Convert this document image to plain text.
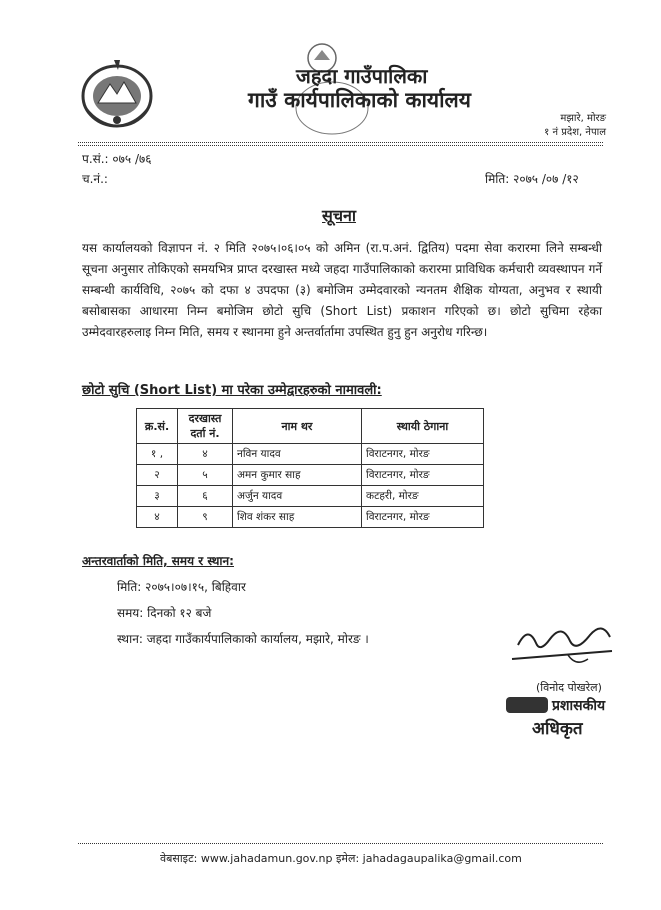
जहदा गाउँपालिका
गाउँ कार्यपालिकाको कार्यालय
मझारे, मोरङ
१ नं प्रदेश, नेपाल
प.सं.: ०७५ /७६
च.नं.:	मिति: २०७५ /०७ /१२
सूचना
यस कार्यालयको विज्ञापन नं. २ मिति २०७५।०६।०५ को अमिन (रा.प.अनं. द्वितिय) पदमा सेवा करारमा लिने सम्बन्धी सूचना अनुसार तोकिएको समयभित्र प्राप्त दरखास्त मध्ये जहदा गाउँपालिकाको करारमा प्राविधिक कर्मचारी व्यवस्थापन गर्ने सम्बन्धी कार्यविधि, २०७५ को दफा ४ उपदफा (३) बमोजिम उम्मेदवारको न्यनतम शैक्षिक योग्यता, अनुभव र स्थायी बसोबासका आधारमा निम्न बमोजिम छोटो सुचि (Short List) प्रकाशन गरिएको छ। छोटो सुचिमा रहेका उम्मेदवारहरुलाइ निम्न मिति, समय र स्थानमा हुने अन्तर्वार्तामा उपस्थित हुनु हुन अनुरोध गरिन्छ।
छोटो सुचि (Short List) मा परेका उम्मेद्वारहरुको नामावली:
क्र.सं.	दरखास्त दर्ता नं.	नाम थर	स्थायी ठेगाना
१ ,	४	नविन यादव	विराटनगर, मोरङ
२	५	अमन कुमार साह	विराटनगर, मोरङ
३	६	अर्जुन यादव	कटहरी, मोरङ
४	९	शिव शंकर साह	विराटनगर, मोरङ
अन्तरवार्ताको मिति, समय र स्थान:
मिति: २०७५।०७।१५, बिहिवार
समय: दिनको १२ बजे
स्थान: जहदा गाउँकार्यपालिकाको कार्यालय, मझारे, मोरङ ।
(विनोद पोखरेल)
प्रशासकीय
अधिकृत
वेबसाइट: www.jahadamun.gov.np इमेल: jahadagaupalika@gmail.com
